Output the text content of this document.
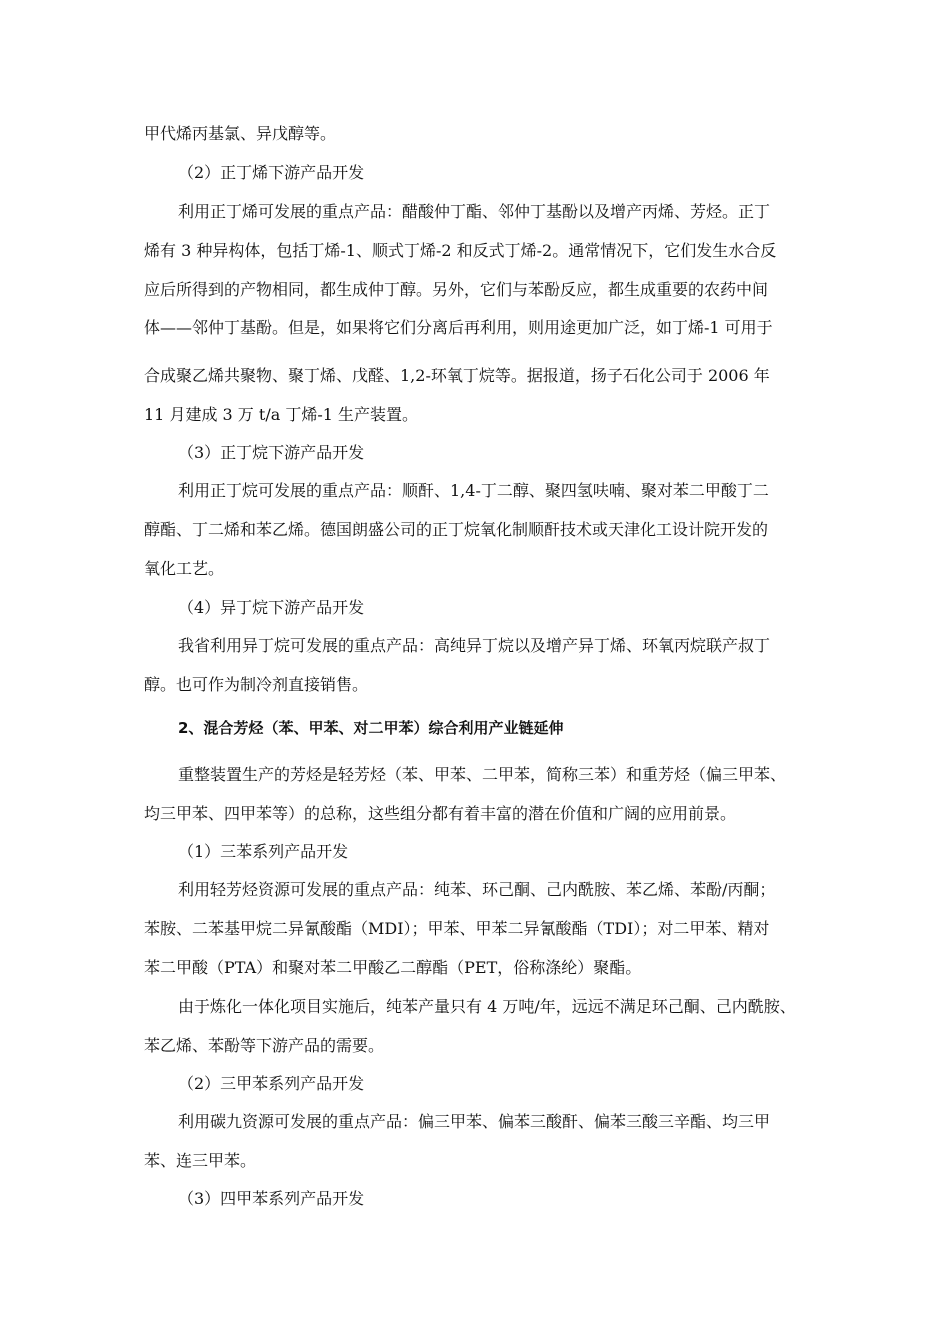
甲代烯丙基氯、异戊醇等。

（2）正丁烯下游产品开发

利用正丁烯可发展的重点产品：醋酸仲丁酯、邻仲丁基酚以及增产丙烯、芳烃。正丁

烯有 3 种异构体，包括丁烯-1、顺式丁烯-2 和反式丁烯-2。通常情况下，它们发生水合反

应后所得到的产物相同，都生成仲丁醇。另外，它们与苯酚反应，都生成重要的农药中间

体——邻仲丁基酚。但是，如果将它们分离后再利用，则用途更加广泛，如丁烯-1 可用于

合成聚乙烯共聚物、聚丁烯、戊醛、1,2-环氧丁烷等。据报道，扬子石化公司于 2006 年

11 月建成 3 万 t/a 丁烯-1 生产装置。

（3）正丁烷下游产品开发

利用正丁烷可发展的重点产品：顺酐、1,4-丁二醇、聚四氢呋喃、聚对苯二甲酸丁二

醇酯、丁二烯和苯乙烯。德国朗盛公司的正丁烷氧化制顺酐技术或天津化工设计院开发的

氧化工艺。

（4）异丁烷下游产品开发

我省利用异丁烷可发展的重点产品：高纯异丁烷以及增产异丁烯、环氧丙烷联产叔丁

醇。也可作为制冷剂直接销售。

2、混合芳烃（苯、甲苯、对二甲苯）综合利用产业链延伸

重整装置生产的芳烃是轻芳烃（苯、甲苯、二甲苯，简称三苯）和重芳烃（偏三甲苯、

均三甲苯、四甲苯等）的总称，这些组分都有着丰富的潜在价值和广阔的应用前景。

（1）三苯系列产品开发

利用轻芳烃资源可发展的重点产品：纯苯、环己酮、己内酰胺、苯乙烯、苯酚/丙酮；

苯胺、二苯基甲烷二异氰酸酯（MDI）；甲苯、甲苯二异氰酸酯（TDI）；对二甲苯、精对

苯二甲酸（PTA）和聚对苯二甲酸乙二醇酯（PET，俗称涤纶）聚酯。

由于炼化一体化项目实施后，纯苯产量只有 4 万吨/年，远远不满足环己酮、己内酰胺、

苯乙烯、苯酚等下游产品的需要。

（2）三甲苯系列产品开发

利用碳九资源可发展的重点产品：偏三甲苯、偏苯三酸酐、偏苯三酸三辛酯、均三甲

苯、连三甲苯。

（3）四甲苯系列产品开发
